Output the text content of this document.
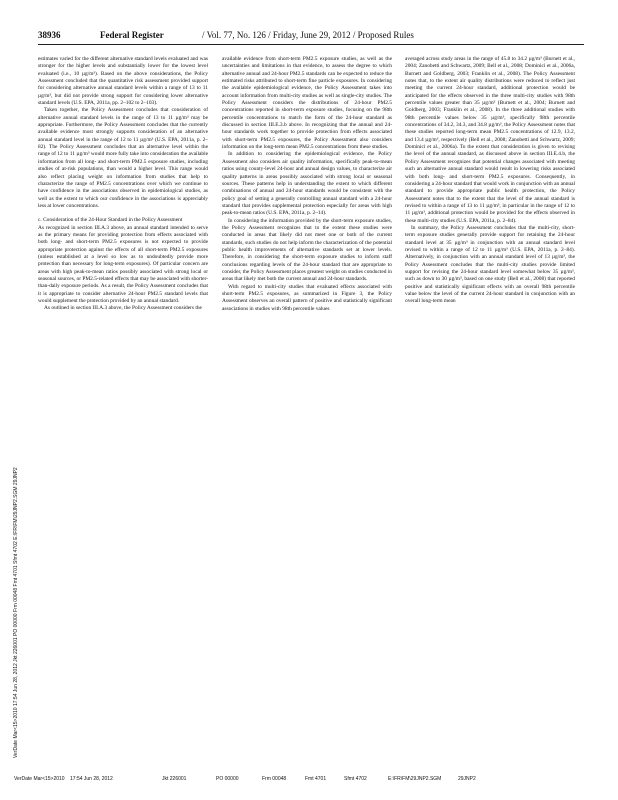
38936	Federal Register	/ Vol. 77, No. 126 / Friday, June 29, 2012 / Proposed Rules

estimates varied for the different alternative standard levels evaluated and was stronger for the higher levels and substantially lower for the lowest level evaluated (i.e., 10 µg/m³). Based on the above considerations, the Policy Assessment concluded that the quantitative risk assessment provided support for considering alternative annual standard levels within a range of 13 to 11 µg/m³, but did not provide strong support for considering lower alternative standard levels (U.S. EPA, 2011a, pp. 2–102 to 2–103).

Taken together, the Policy Assessment concludes that consideration of alternative annual standard levels in the range of 13 to 11 µg/m³ may be appropriate. Furthermore, the Policy Assessment concludes that the currently available evidence most strongly supports consideration of an alternative annual standard level in the range of 12 to 11 µg/m³ (U.S. EPA, 2011a, p. 2–82). The Policy Assessment concludes that an alternative level within the range of 12 to 11 µg/m³ would more fully take into consideration the available information from all long- and short-term PM2.5 exposure studies, including studies of at-risk populations, than would a higher level. This range would also reflect placing weight on information from studies that help to characterize the range of PM2.5 concentrations over which we continue to have confidence in the associations observed in epidemiological studies, as well as the extent to which our confidence in the associations is appreciably less at lower concentrations.

c. Consideration of the 24-Hour Standard in the Policy Assessment

As recognized in section III.A.3 above, an annual standard intended to serve as the primary means for providing protection from effects associated with both long- and short-term PM2.5 exposures is not expected to provide appropriate protection against the effects of all short-term PM2.5 exposures (unless established at a level so low as to undoubtedly provide more protection than necessary for long-term exposures). Of particular concern are areas with high peak-to-mean ratios possibly associated with strong local or seasonal sources, or PM2.5-related effects that may be associated with shorter-than-daily exposure periods. As a result, the Policy Assessment concludes that it is appropriate to consider alternative 24-hour PM2.5 standard levels that would supplement the protection provided by an annual standard.

As outlined in section III.A.3 above, the Policy Assessment considers the

available evidence from short-term PM2.5 exposure studies, as well as the uncertainties and limitations in that evidence, to assess the degree to which alternative annual and 24-hour PM2.5 standards can be expected to reduce the estimated risks attributed to short-term fine particle exposures. In considering the available epidemiological evidence, the Policy Assessment takes into account information from multi-city studies as well as single-city studies. The Policy Assessment considers the distributions of 24-hour PM2.5 concentrations reported in short-term exposure studies, focusing on the 98th percentile concentrations to match the form of the 24-hour standard as discussed in section III.E.3.b above. In recognizing that the annual and 24-hour standards work together to provide protection from effects associated with short-term PM2.5 exposures, the Policy Assessment also considers information on the long-term mean PM2.5 concentrations from these studies.

In addition to considering the epidemiological evidence, the Policy Assessment also considers air quality information, specifically peak-to-mean ratios using county-level 24-hour and annual design values, to characterize air quality patterns in areas possibly associated with strong local or seasonal sources. These patterns help in understanding the extent to which different combinations of annual and 24-hour standards would be consistent with the policy goal of setting a generally controlling annual standard with a 24-hour standard that provides supplemental protection especially for areas with high peak-to-mean ratios (U.S. EPA, 2011a, p. 2–14).

In considering the information provided by the short-term exposure studies, the Policy Assessment recognizes that to the extent these studies were conducted in areas that likely did not meet one or both of the current standards, such studies do not help inform the characterization of the potential public health improvements of alternative standards set at lower levels. Therefore, in considering the short-term exposure studies to inform staff conclusions regarding levels of the 24-hour standard that are appropriate to consider, the Policy Assessment places greatest weight on studies conducted in areas that likely met both the current annual and 24-hour standards.

With regard to multi-city studies that evaluated effects associated with short-term PM2.5 exposures, as summarized in Figure 3, the Policy Assessment observes an overall pattern of positive and statistically significant associations in studies with 98th percentile values

averaged across study areas in the range of 45.8 to 34.2 µg/m³ (Burnett et al., 2004; Zanobetti and Schwartz, 2009; Bell et al., 2008; Dominici et al., 2006a, Burnett and Goldberg, 2003; Franklin et al., 2008). The Policy Assessment notes that, to the extent air quality distributions were reduced to reflect just meeting the current 24-hour standard, additional protection would be anticipated for the effects observed in the three multi-city studies with 98th percentile values greater than 35 µg/m³ (Burnett et al., 2004; Burnett and Goldberg, 2003; Franklin et al., 2008). In the three additional studies with 98th percentile values below 35 µg/m³, specifically 98th percentile concentrations of 34.2, 34.3, and 34.8 µg/m³, the Policy Assessment notes that these studies reported long-term mean PM2.5 concentrations of 12.9, 13.2, and 13.4 µg/m³, respectively (Bell et al., 2008; Zanobetti and Schwartz, 2009; Dominici et al., 2006a). To the extent that consideration is given to revising the level of the annual standard, as discussed above in section III.E.4.b, the Policy Assessment recognizes that potential changes associated with meeting such an alternative annual standard would result in lowering risks associated with both long- and short-term PM2.5 exposures. Consequently, in considering a 24-hour standard that would work in conjunction with an annual standard to provide appropriate public health protection, the Policy Assessment notes that to the extent that the level of the annual standard is revised to within a range of 13 to 11 µg/m³, in particular in the range of 12 to 11 µg/m³, additional protection would be provided for the effects observed in these multi-city studies (U.S. EPA, 2011a, p. 2–84).

In summary, the Policy Assessment concludes that the multi-city, short-term exposure studies generally provide support for retaining the 24-hour standard level at 35 µg/m³ in conjunction with an annual standard level revised to within a range of 12 to 11 µg/m³ (U.S. EPA, 2011a, p. 2–84). Alternatively, in conjunction with an annual standard level of 13 µg/m³, the Policy Assessment concludes that the multi-city studies provide limited support for revising the 24-hour standard level somewhat below 35 µg/m³, such as down to 30 µg/m³, based on one study (Bell et al., 2008) that reported positive and statistically significant effects with an overall 98th percentile value below the level of the current 24-hour standard in conjunction with an overall long-term mean

VerDate Mar<15>2010 17:54 Jun 28, 2012 Jkt 226001 PO 00000 Frm 00048 Fmt 4701 Sfmt 4702 E:\FR\FM\29JNP2.SGM 29JNP2
VerDate Mar<15>2010 17:54 Jun 28, 2012	Jkt 226001	PO 00000	Frm 00048	Fmt 4701	Sfmt 4702	E:\FR\FM\29JNP2.SGM	29JNP2
